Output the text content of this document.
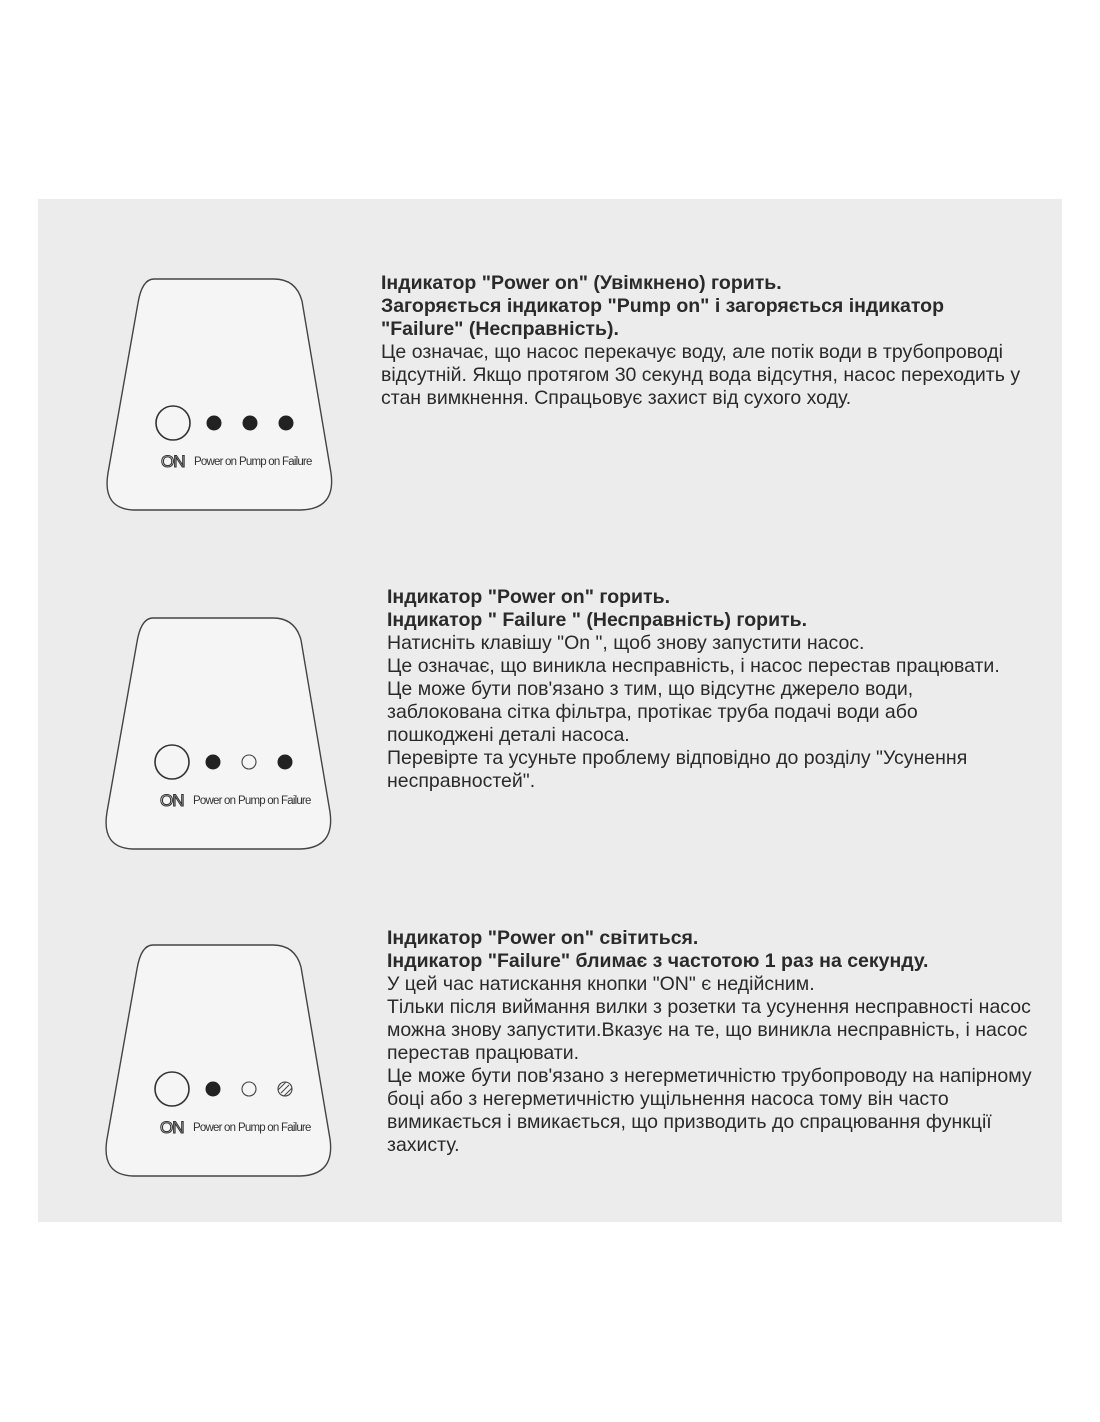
ON Power on Pump on Failure
Індикатор "Power on" (Увімкнено) горить.
Загоряється індикатор "Pump on" і загоряється індикатор "Failure" (Несправність).
Це означає, що насос перекачує воду, але потік води в трубопроводі відсутній. Якщо протягом 30 секунд вода відсутня, насос переходить у стан вимкнення. Спрацьовує захист від сухого ходу.
ON Power on Pump on Failure
Індикатор "Power on" горить.
Індикатор " Failure " (Несправність) горить.
Натисніть клавішу "On ", щоб знову запустити насос.
Це означає, що виникла несправність, і насос перестав працювати. Це може бути пов'язано з тим, що відсутнє джерело води, заблокована сітка фільтра, протікає труба подачі води або пошкоджені деталі насоса.
Перевірте та усуньте проблему відповідно до розділу "Усунення несправностей".
ON Power on Pump on Failure
Індикатор "Power on" світиться.
Індикатор "Failure" блимає з частотою 1 раз на секунду.
У цей час натискання кнопки "ON" є недійсним.
Тільки після виймання вилки з розетки та усунення несправності насос можна знову запустити.Вказує на те, що виникла несправність, і насос перестав працювати.
Це може бути пов'язано з негерметичністю трубопроводу на напірному боці або з негерметичністю ущільнення насоса тому він часто вимикається і вмикається, що призводить до спрацювання функції захисту.
